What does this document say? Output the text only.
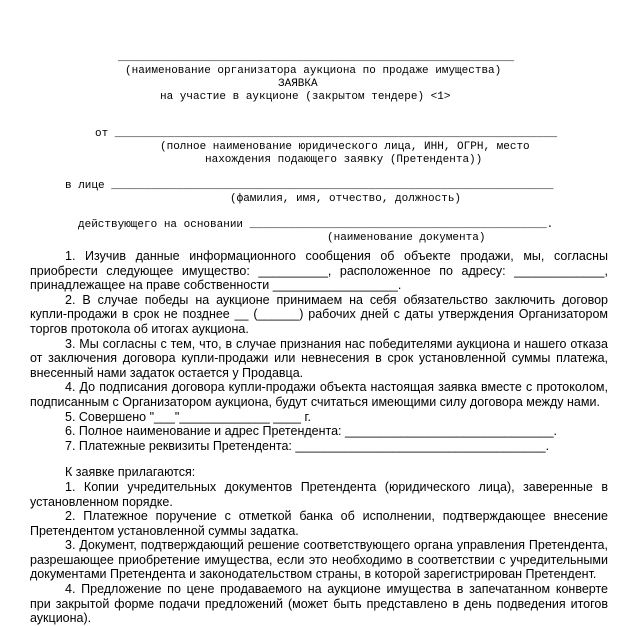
____________________________________________________________
(наименование организатора аукциона по продаже имущества)
ЗАЯВКА
на участие в аукционе (закрытом тендере) <1>
от ___________________________________________________________________
(полное наименование юридического лица, ИНН, ОГРН, место
нахождения подающего заявку (Претендента))
в лице ___________________________________________________________________
(фамилия, имя, отчество, должность)
действующего на основании _____________________________________________.
(наименование документа)

1. Изучив данные информационного сообщения об объекте продажи, мы, согласны приобрести следующее имущество: __________, расположенное по адресу: _____________, принадлежащее на праве собственности __________________.

2. В случае победы на аукционе принимаем на себя обязательство заключить договор купли-продажи в срок не позднее __ (______) рабочих дней с даты утверждения Организатором торгов протокола об итогах аукциона.

3. Мы согласны с тем, что, в случае признания нас победителями аукциона и нашего отказа от заключения договора купли-продажи или невнесения в срок установленной суммы платежа, внесенный нами задаток остается у Продавца.

4. До подписания договора купли-продажи объекта настоящая заявка вместе с протоколом, подписанным с Организатором аукциона, будут считаться имеющими силу договора между нами.

5. Совершено "___"_____________ ____ г.

6. Полное наименование и адрес Претендента: ______________________________.

7. Платежные реквизиты Претендента: ____________________________________.

К заявке прилагаются:

1. Копии учредительных документов Претендента (юридического лица), заверенные в установленном порядке.

2. Платежное поручение с отметкой банка об исполнении, подтверждающее внесение Претендентом установленной суммы задатка.

3. Документ, подтверждающий решение соответствующего органа управления Претендента, разрешающее приобретение имущества, если это необходимо в соответствии с учредительными документами Претендента и законодательством страны, в которой зарегистрирован Претендент.

4. Предложение по цене продаваемого на аукционе имущества в запечатанном конверте при закрытой форме подачи предложений (может быть представлено в день подведения итогов аукциона).
